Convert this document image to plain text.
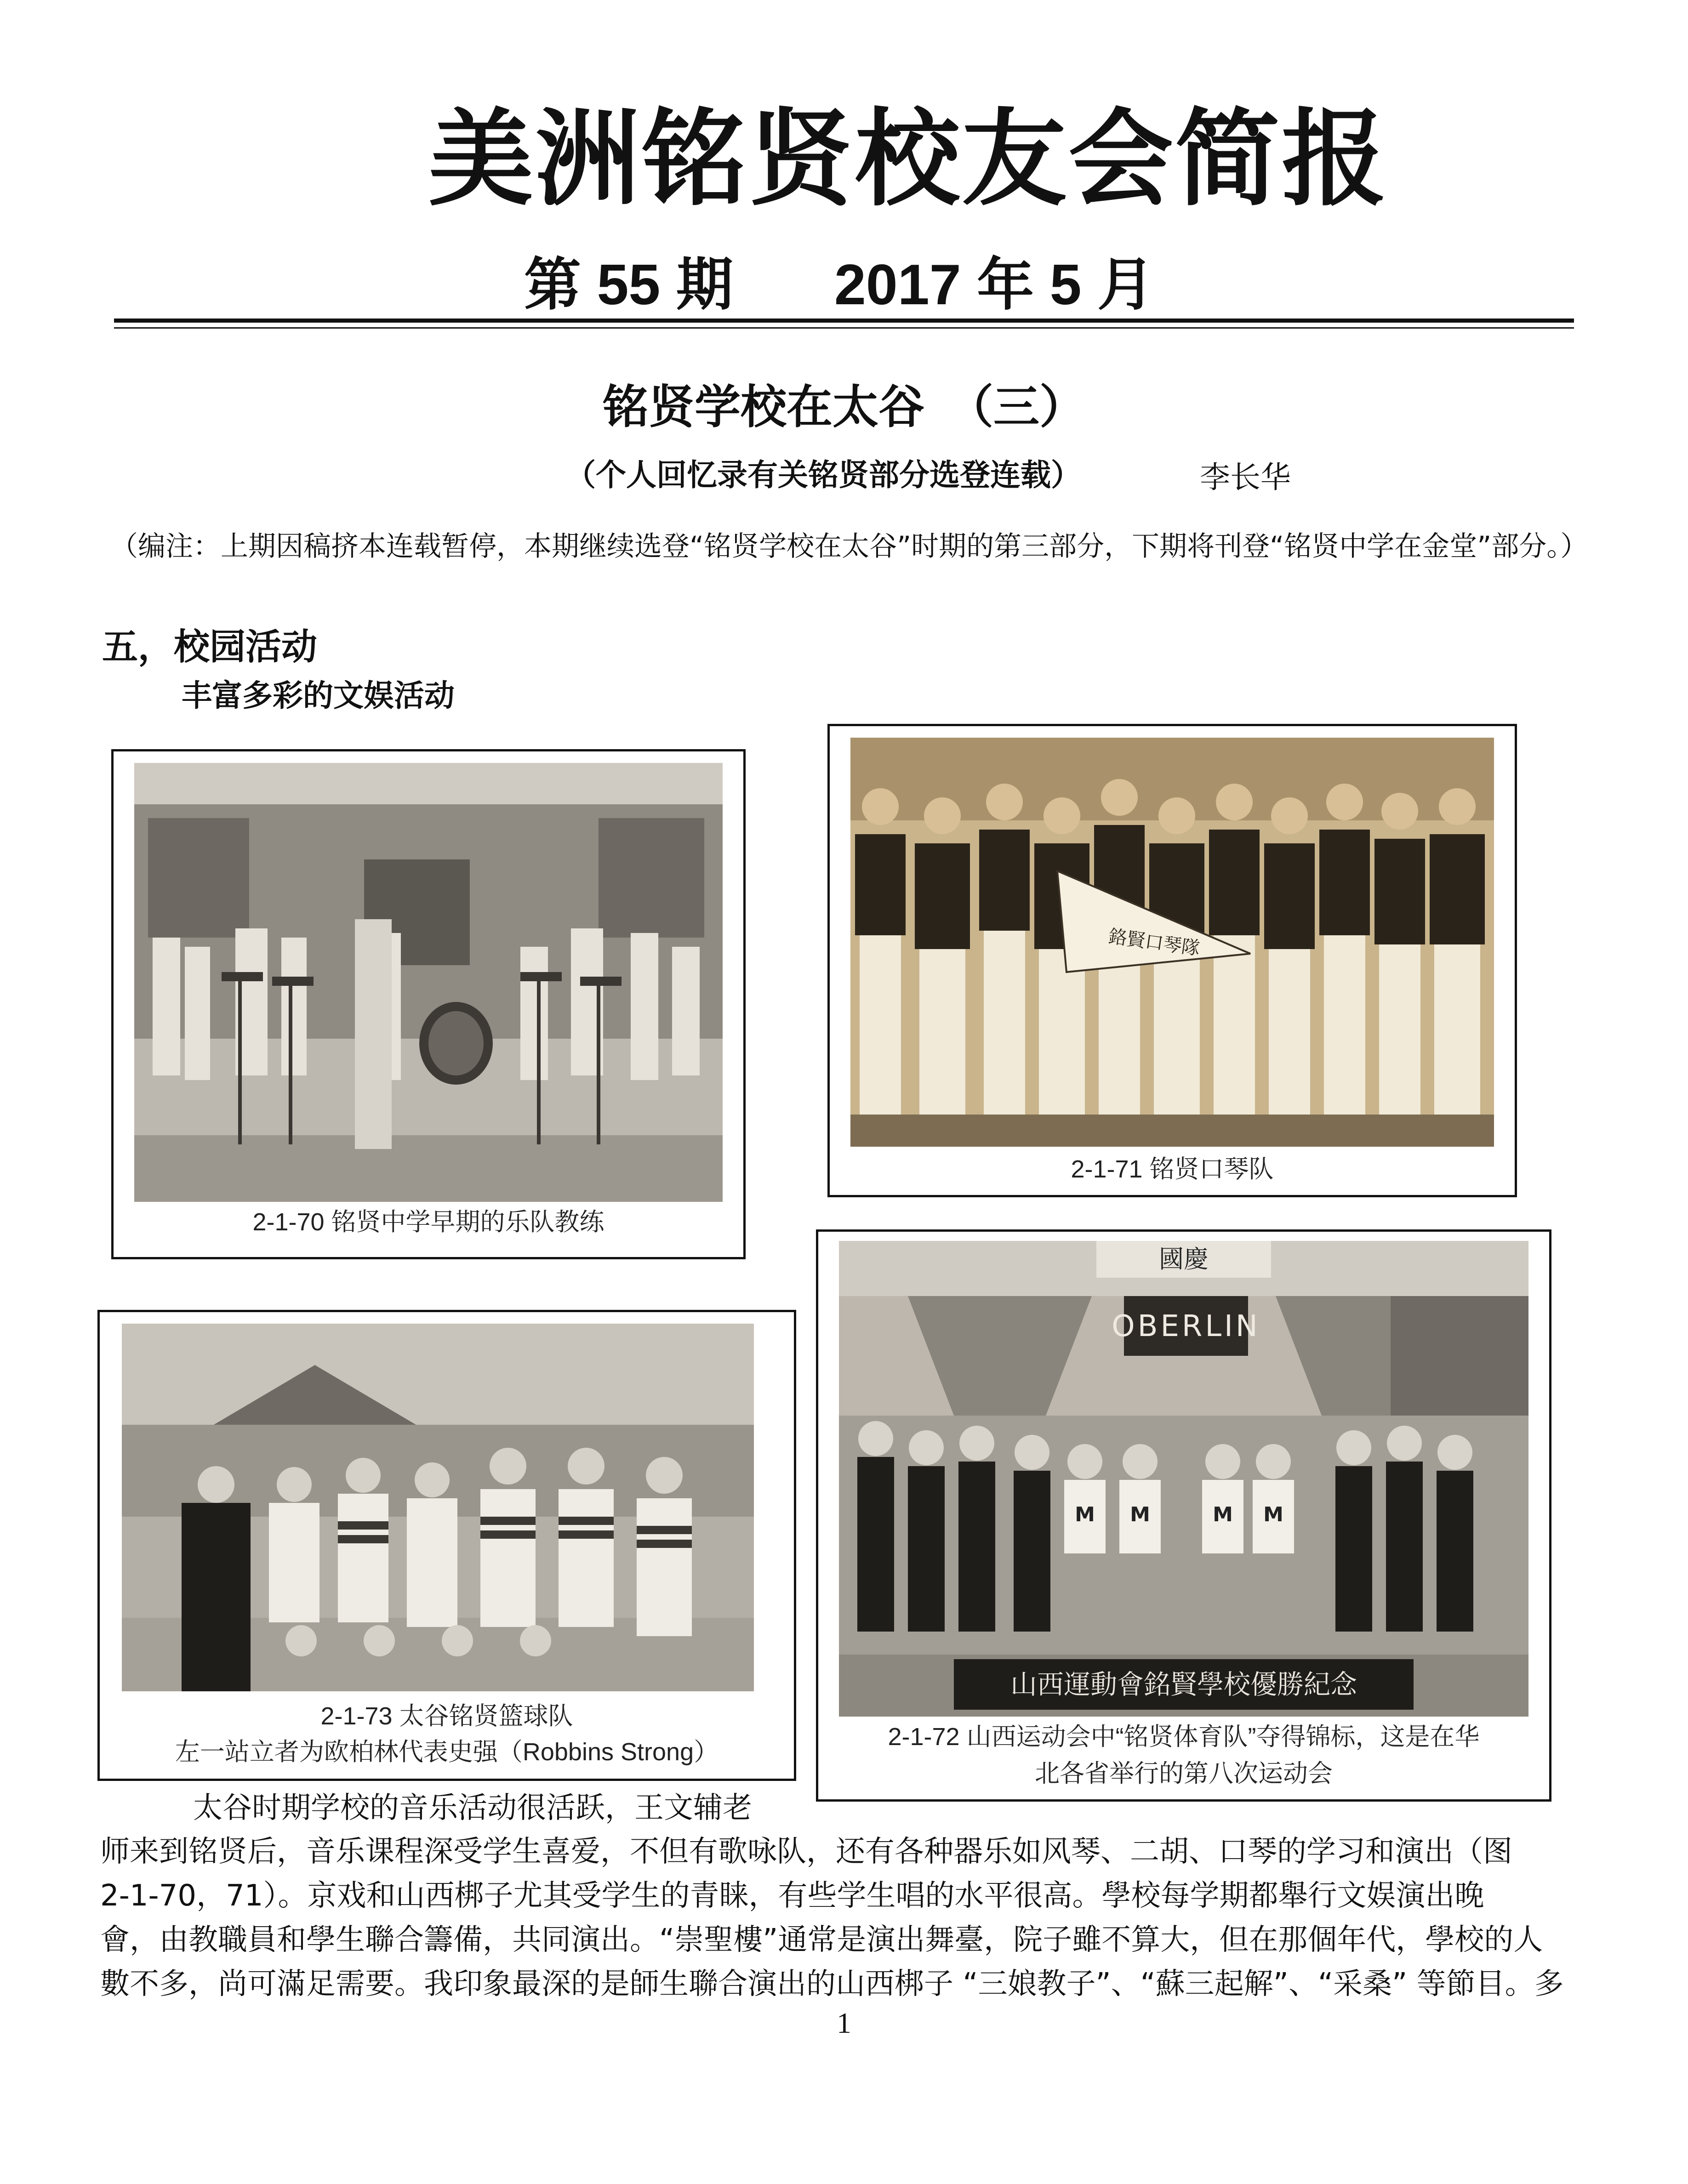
美洲铭贤校友会简报
第 55 期 2017 年 5 月
铭贤学校在太谷　（三）
（个人回忆录有关铭贤部分选登连载）	李长华
（编注：上期因稿挤本连载暂停，本期继续选登“铭贤学校在太谷”时期的第三部分，下期将刊登“铭贤中学在金堂”部分。）
五，校园活动
丰富多彩的文娱活动
2-1-70 铭贤中学早期的乐队教练
鉻賢口琴隊
2-1-71 铭贤口琴队
國慶
OBERLIN
M M	M M
山西運動會銘賢學校優勝紀念
2-1-72 山西运动会中“铭贤体育队”夺得锦标，这是在华
北各省举行的第八次运动会
2-1-73 太谷铭贤篮球队
左一站立者为欧柏林代表史强（Robbins Strong）
太谷时期学校的音乐活动很活跃，王文辅老
师来到铭贤后，音乐课程深受学生喜爱，不但有歌咏队，还有各种器乐如风琴、二胡、口琴的学习和演出（图
2-1-70，71）。京戏和山西梆子尤其受学生的青睐，有些学生唱的水平很高。學校每学期都舉行文娱演出晚
會，由教職員和學生聯合籌備，共同演出。“崇聖樓”通常是演出舞臺，院子雖不算大，但在那個年代，學校的人
數不多，尚可滿足需要。我印象最深的是師生聯合演出的山西梆子 “三娘教子”、“蘇三起解”、“采桑” 等節目。多
1
